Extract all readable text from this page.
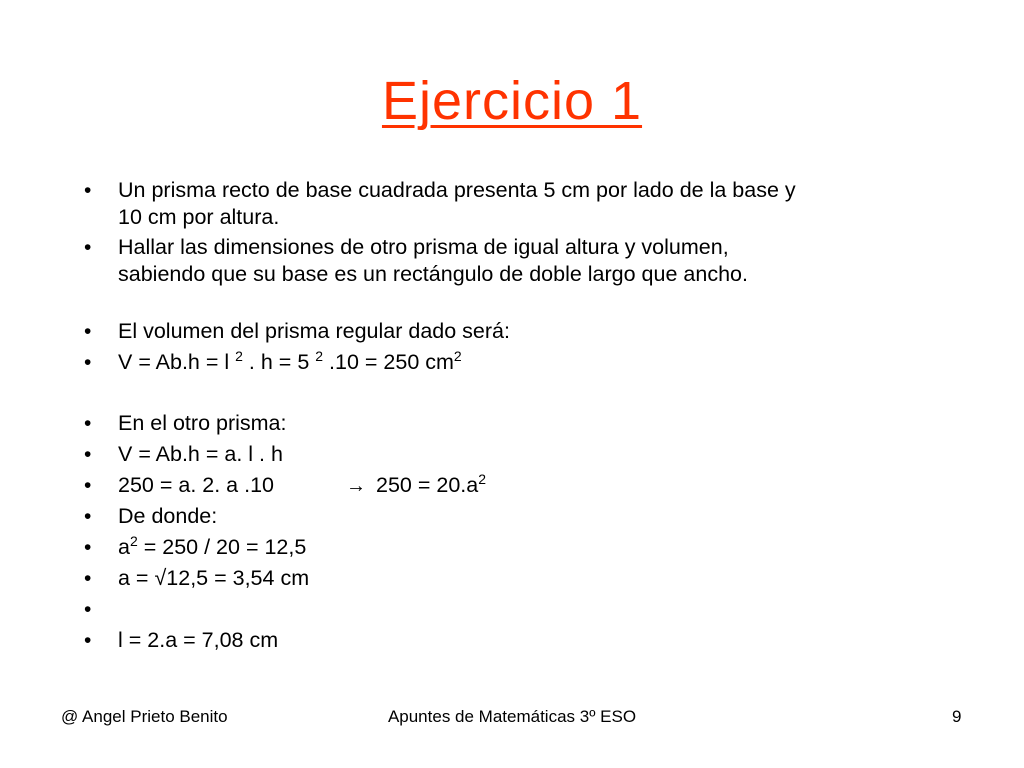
Ejercicio 1
•	Un prisma recto de base cuadrada presenta 5 cm por lado de la base y
10 cm por altura.
•	Hallar las dimensiones de otro prisma de igual altura y volumen,
sabiendo que su base es un rectángulo de doble largo que ancho.
•	El volumen del prisma regular dado será:
•	V = Ab.h = l $^2$ . h = 5 $^2$ .10 = 250 $cm^2$
•	En el otro prisma:
•	V = Ab.h = a. l . h
•	250 = a. 2. a .10	→ $250 = 20.a^2$
•	De donde:
•	$a^2 = 250 / 20 = 12,5$
•	a = √12,5 = 3,54 cm
•
•	l = 2.a = 7,08 cm
@ Angel Prieto Benito	Apuntes de Matemáticas 3º ESO	9
